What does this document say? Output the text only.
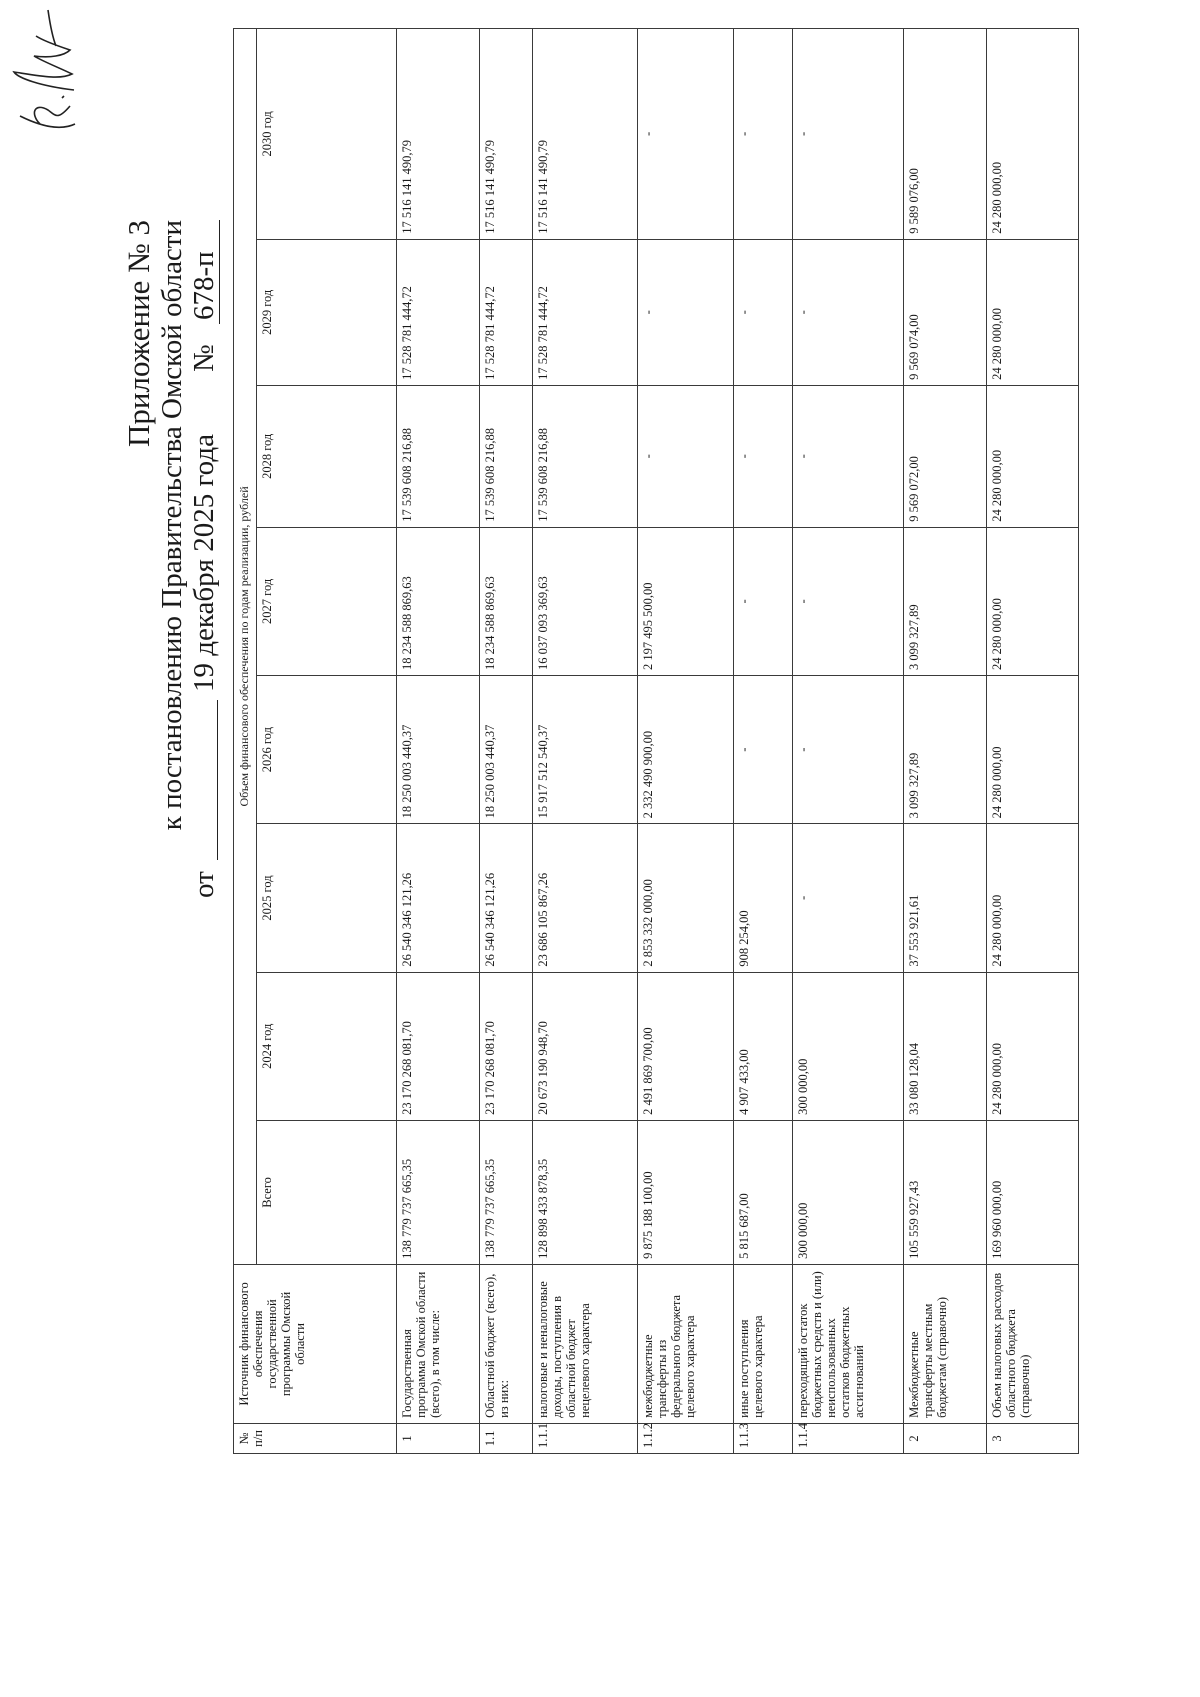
Приложение № 3 к постановлению Правительства Омской области
от
19 декабря 2025 года
№
678-п
№ п/п	Источник финансового обеспечения государственной программы Омской области	Объем финансового обеспечения по годам реализации, рублей							
		Всего	2024 год	2025 год	2026 год	2027 год	2028 год	2029 год	2030 год
1	Государственная программа Омской области (всего), в том числе:	138 779 737 665,35	23 170 268 081,70	26 540 346 121,26	18 250 003 440,37	18 234 588 869,63	17 539 608 216,88	17 528 781 444,72	17 516 141 490,79
1.1	Областной бюджет (всего), из них:	138 779 737 665,35	23 170 268 081,70	26 540 346 121,26	18 250 003 440,37	18 234 588 869,63	17 539 608 216,88	17 528 781 444,72	17 516 141 490,79
1.1.1	налоговые и неналоговые доходы, поступления в областной бюджет нецелевого характера	128 898 433 878,35	20 673 190 948,70	23 686 105 867,26	15 917 512 540,37	16 037 093 369,63	17 539 608 216,88	17 528 781 444,72	17 516 141 490,79
1.1.2	межбюджетные трансферты из федерального бюджета целевого характера	9 875 188 100,00	2 491 869 700,00	2 853 332 000,00	2 332 490 900,00	2 197 495 500,00	-	-	-
1.1.3	иные поступления целевого характера	5 815 687,00	4 907 433,00	908 254,00	-	-	-	-	-
1.1.4	переходящий остаток бюджетных средств и (или) неиспользованных остатков бюджетных ассигнований	300 000,00	300 000,00	-	-	-	-	-	-
2	Межбюджетные трансферты местным бюджетам (справочно)	105 559 927,43	33 080 128,04	37 553 921,61	3 099 327,89	3 099 327,89	9 569 072,00	9 569 074,00	9 589 076,00
3	Объем налоговых расходов областного бюджета (справочно)	169 960 000,00	24 280 000,00	24 280 000,00	24 280 000,00	24 280 000,00	24 280 000,00	24 280 000,00	24 280 000,00
